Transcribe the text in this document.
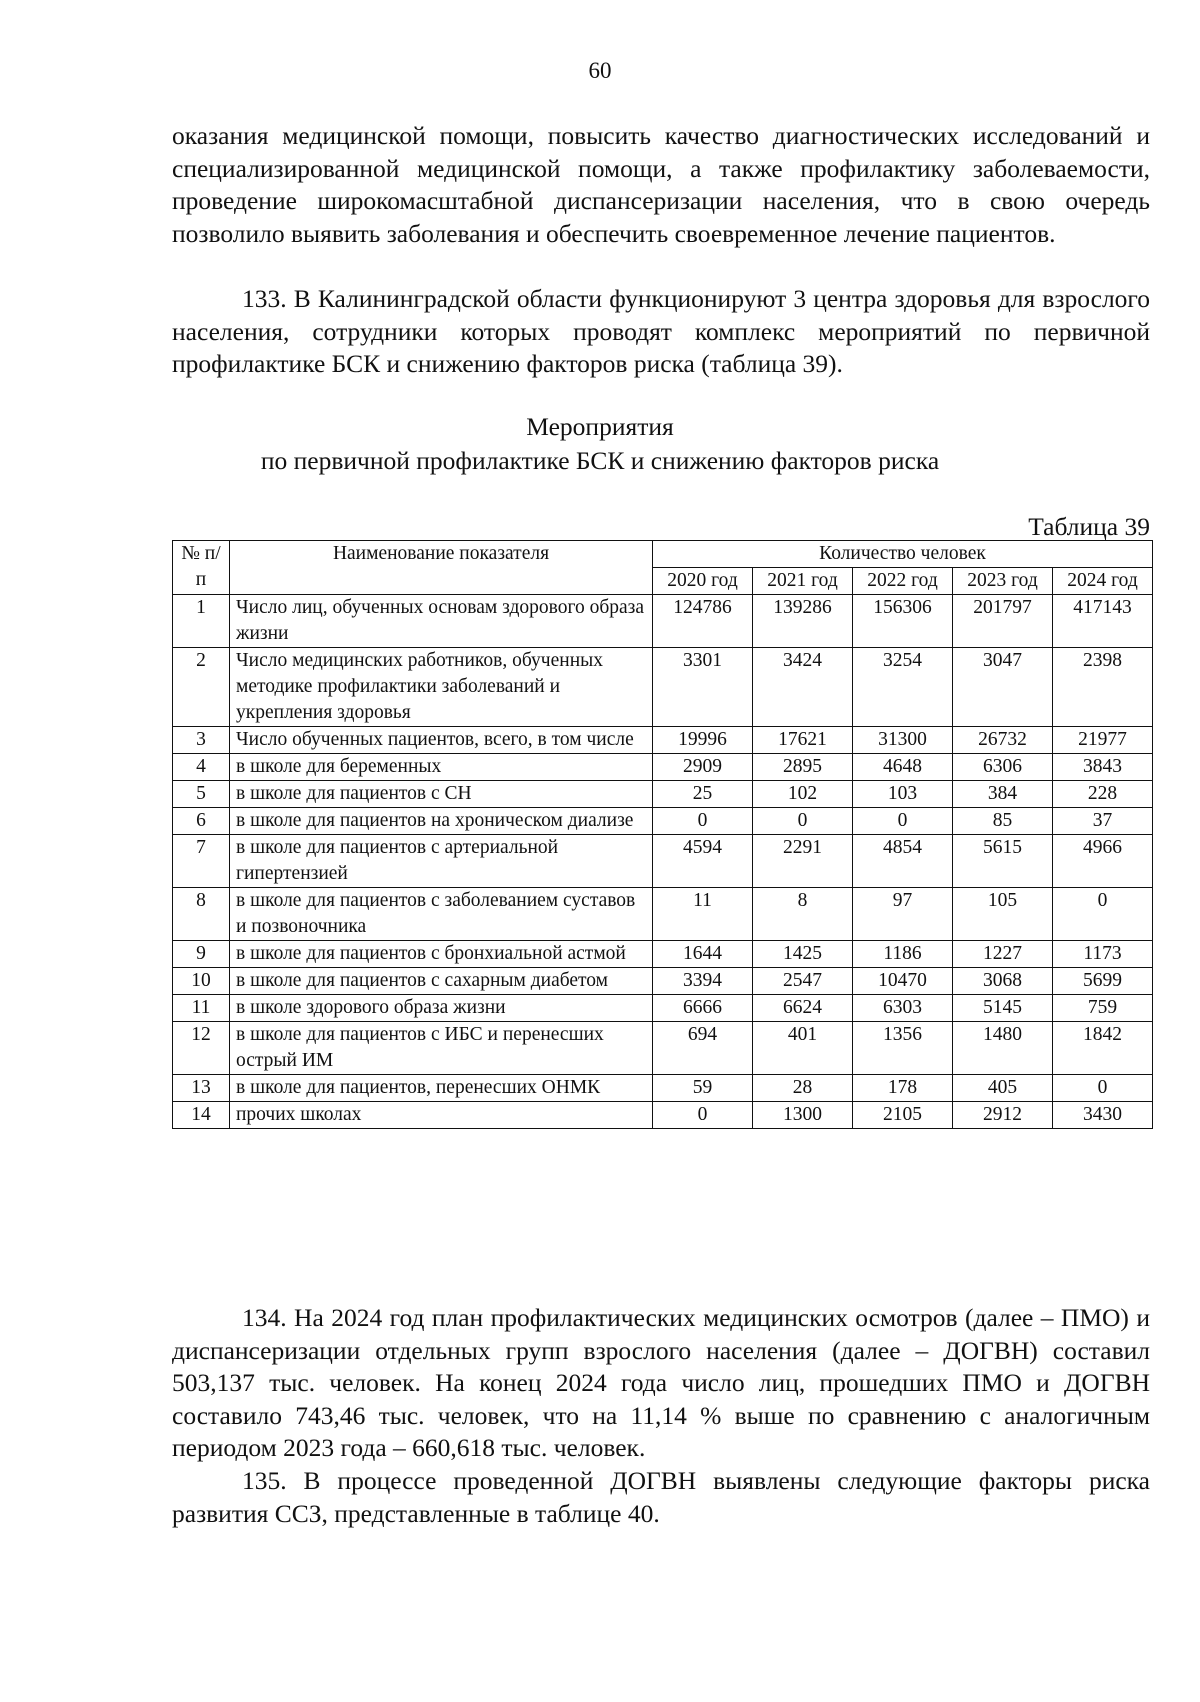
60

оказания медицинской помощи, повысить качество диагностических исследований и специализированной медицинской помощи, а также профилактику заболеваемости, проведение широкомасштабной диспансеризации населения, что в свою очередь позволило выявить заболевания и обеспечить своевременное лечение пациентов.

133. В Калининградской области функционируют 3 центра здоровья для взрослого населения, сотрудники которых проводят комплекс мероприятий по первичной профилактике БСК и снижению факторов риска (таблица 39).

Мероприятия
по первичной профилактике БСК и снижению факторов риска
Таблица 39
№ п/п	Наименование показателя	Количество человек				
		2020 год	2021 год	2022 год	2023 год	2024 год
1	Число лиц, обученных основам здорового образа жизни	124786	139286	156306	201797	417143
2	Число медицинских работников, обученных методике профилактики заболеваний и укрепления здоровья	3301	3424	3254	3047	2398
3	Число обученных пациентов, всего, в том числе	19996	17621	31300	26732	21977
4	в школе для беременных	2909	2895	4648	6306	3843
5	в школе для пациентов с СН	25	102	103	384	228
6	в школе для пациентов на хроническом диализе	0	0	0	85	37
7	в школе для пациентов с артериальной гипертензией	4594	2291	4854	5615	4966
8	в школе для пациентов с заболеванием суставов и позвоночника	11	8	97	105	0
9	в школе для пациентов с бронхиальной астмой	1644	1425	1186	1227	1173
10	в школе для пациентов с сахарным диабетом	3394	2547	10470	3068	5699
11	в школе здорового образа жизни	6666	6624	6303	5145	759
12	в школе для пациентов с ИБС и перенесших острый ИМ	694	401	1356	1480	1842
13	в школе для пациентов, перенесших ОНМК	59	28	178	405	0
14	прочих школах	0	1300	2105	2912	3430

134. На 2024 год план профилактических медицинских осмотров (далее – ПМО) и диспансеризации отдельных групп взрослого населения (далее – ДОГВН) составил 503,137 тыс. человек. На конец 2024 года число лиц, прошедших ПМО и ДОГВН составило 743,46 тыс. человек, что на 11,14 % выше по сравнению с аналогичным периодом 2023 года – 660,618 тыс. человек.

135. В процессе проведенной ДОГВН выявлены следующие факторы риска развития ССЗ, представленные в таблице 40.
